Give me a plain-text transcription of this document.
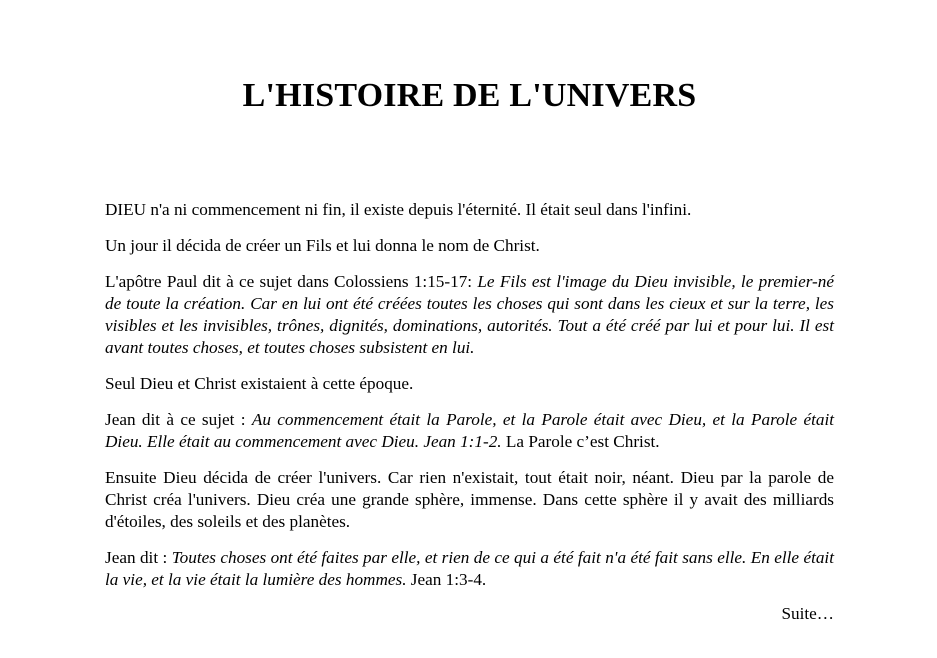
L'HISTOIRE DE L'UNIVERS

DIEU n'a ni commencement ni fin, il existe depuis l'éternité. Il était seul dans l'infini.

Un jour il décida de créer un Fils et lui donna le nom de Christ.

L'apôtre Paul dit à ce sujet dans Colossiens 1:15-17: Le Fils est l'image du Dieu invisible, le premier-né de toute la création. Car en lui ont été créées toutes les choses qui sont dans les cieux et sur la terre, les visibles et les invisibles, trônes, dignités, dominations, autorités. Tout a été créé par lui et pour lui. Il est avant toutes choses, et toutes choses subsistent en lui.

Seul Dieu et Christ existaient à cette époque.

Jean dit à ce sujet : Au commencement était la Parole, et la Parole était avec Dieu, et la Parole était Dieu. Elle était au commencement avec Dieu. Jean 1:1-2. La Parole c’est Christ.

Ensuite Dieu décida de créer l'univers. Car rien n'existait, tout était noir, néant. Dieu par la parole de Christ créa l'univers. Dieu créa une grande sphère, immense. Dans cette sphère il y avait des milliards d'étoiles, des soleils et des planètes.

Jean dit : Toutes choses ont été faites par elle, et rien de ce qui a été fait n'a été fait sans elle. En elle était la vie, et la vie était la lumière des hommes. Jean 1:3-4.

Suite…
